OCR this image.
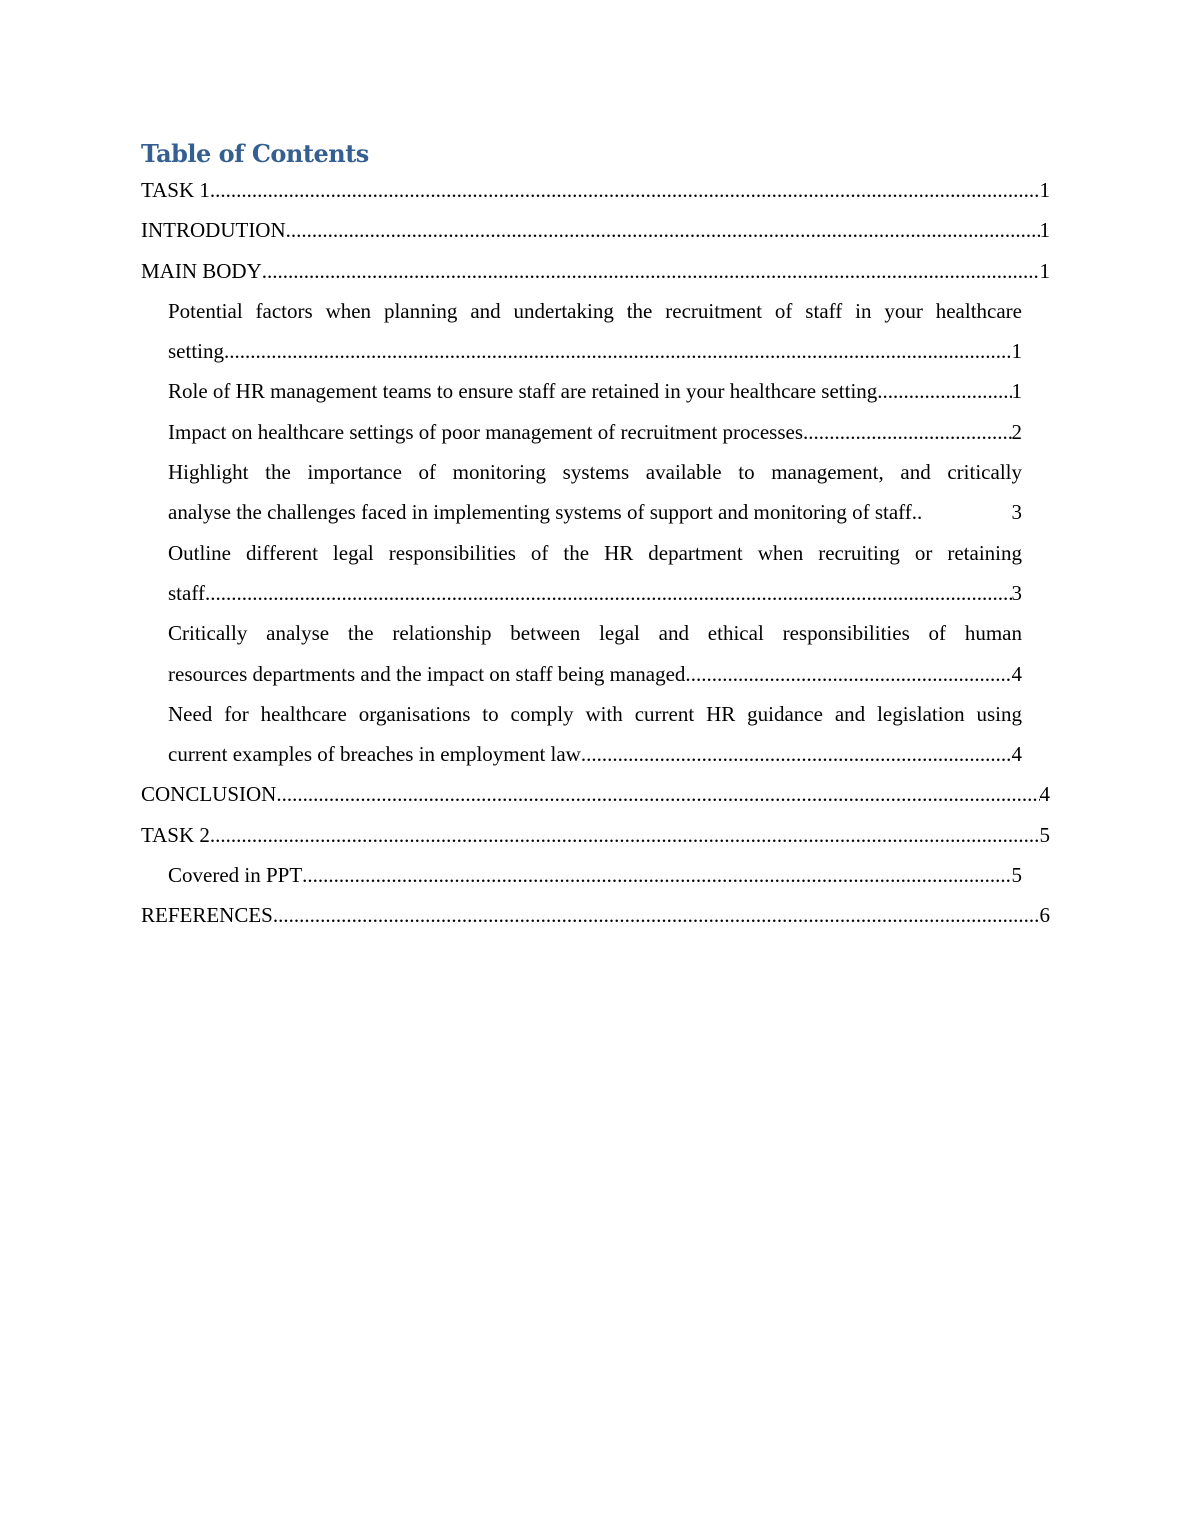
Table of Contents
TASK 1 .....	1
INTRODUTION .....	1
MAIN BODY .....	1
Potential factors when planning and undertaking the recruitment of staff in your healthcare
setting .....	1
Role of HR management teams to ensure staff are retained in your healthcare setting .....	1
Impact on healthcare settings of poor management of recruitment processes .....	2
Highlight the importance of monitoring systems available to management, and critically
analyse the challenges faced in implementing systems of support and monitoring of staff..	3
Outline different legal responsibilities of the HR department when recruiting or retaining
staff .....	3
Critically analyse the relationship between legal and ethical responsibilities of human
resources departments and the impact on staff being managed. .....	4
Need for healthcare organisations to comply with current HR guidance and legislation using
current examples of breaches in employment law .....	4
CONCLUSION .....	4
TASK 2 .....	5
Covered in PPT .....	5
REFERENCES .....	6
